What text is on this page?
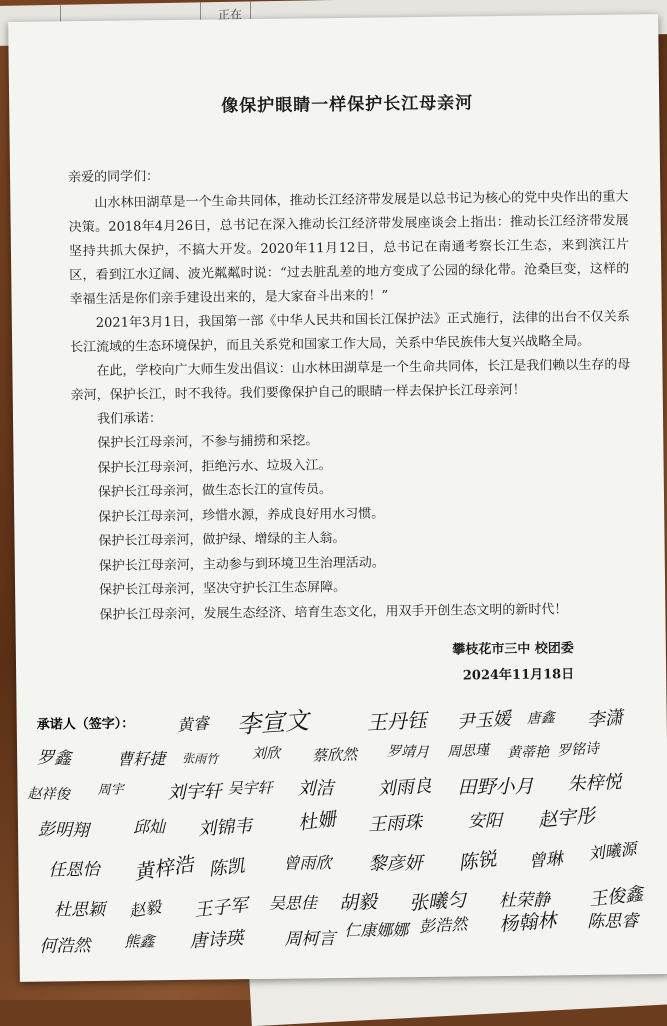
正在
像保护眼睛一样保护长江母亲河

亲爱的同学们：

山水林田湖草是一个生命共同体，推动长江经济带发展是以总书记为核心的党中央作出的重大决策。2018年4月26日，总书记在深入推动长江经济带发展座谈会上指出：推动长江经济带发展坚持共抓大保护，不搞大开发。2020年11月12日，总书记在南通考察长江生态，来到滨江片区，看到江水辽阔、波光粼粼时说：“过去脏乱差的地方变成了公园的绿化带。沧桑巨变，这样的幸福生活是你们亲手建设出来的，是大家奋斗出来的！”

2021年3月1日，我国第一部《中华人民共和国长江保护法》正式施行，法律的出台不仅关系长江流域的生态环境保护，而且关系党和国家工作大局，关系中华民族伟大复兴战略全局。

在此，学校向广大师生发出倡议：山水林田湖草是一个生命共同体，长江是我们赖以生存的母亲河，保护长江，时不我待。我们要像保护自己的眼睛一样去保护长江母亲河！

我们承诺：

保护长江母亲河，不参与捕捞和采挖。

保护长江母亲河，拒绝污水、垃圾入江。

保护长江母亲河，做生态长江的宣传员。

保护长江母亲河，珍惜水源，养成良好用水习惯。

保护长江母亲河，做护绿、增绿的主人翁。

保护长江母亲河，主动参与到环境卫生治理活动。

保护长江母亲河，坚决守护长江生态屏障。

保护长江母亲河，发展生态经济、培育生态文化，用双手开创生态文明的新时代！

攀枝花市三中 校团委
2024年11月18日
承诺人（签字）：	黄睿 李宣文	王丹钰 尹玉媛 唐鑫 李潇
罗鑫	曹耔捷 张雨竹 刘欣 蔡欣然 罗靖月 周思瑾 黄蒂艳 罗铭诗
赵祥俊 周宇 刘宇轩 吴宇轩 刘洁 刘雨良 田野小月 朱梓悦
彭明翔	邱灿 刘锦韦 杜姗 王雨珠	安阳 赵宇彤
任恩怡 黄梓浩 陈凯 曾雨欣 黎彦妍 陈锐 曾琳 刘曦源
杜思颖 赵毅 王子军 吴思佳 胡毅 张曦匀 杜荣静 王俊鑫
何浩然 熊鑫 唐诗瑛 周柯言 仁康娜娜 彭浩然 杨翰林 陈思睿
